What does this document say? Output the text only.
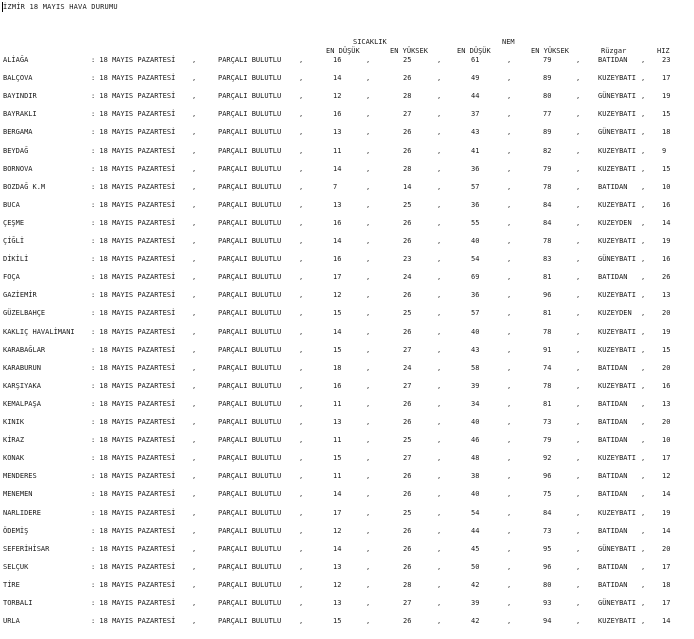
İZMİR 18 MAYIS HAVA DURUMU
SICAKLIK	NEM
EN DÜŞÜK	EN YÜKSEK	EN DÜŞÜK	EN YÜKSEK	Rüzgar	HIZ
ALİAĞA	: 18 MAYIS PAZARTESİ ,	PARÇALI BULUTLU	,	16	,	25	,	61	,	79	,	BATIDAN , 23
BALÇOVA	: 18 MAYIS PAZARTESİ ,	PARÇALI BULUTLU	,	14	,	26	,	49	,	89	,	KUZEYBATI , 17
BAYINDIR	: 18 MAYIS PAZARTESİ ,	PARÇALI BULUTLU	,	12	,	28	,	44	,	80	,	GÜNEYBATI , 19
BAYRAKLI	: 18 MAYIS PAZARTESİ ,	PARÇALI BULUTLU	,	16	,	27	,	37	,	77	,	KUZEYBATI , 15
BERGAMA	: 18 MAYIS PAZARTESİ ,	PARÇALI BULUTLU	,	13	,	26	,	43	,	89	,	GÜNEYBATI , 18
BEYDAĞ	: 18 MAYIS PAZARTESİ ,	PARÇALI BULUTLU	,	11	,	26	,	41	,	82	,	KUZEYBATI , 9
BORNOVA	: 18 MAYIS PAZARTESİ ,	PARÇALI BULUTLU	,	14	,	28	,	36	,	79	,	KUZEYBATI , 15
BOZDAĞ K.M	: 18 MAYIS PAZARTESİ ,	PARÇALI BULUTLU	,	7	,	14	,	57	,	78	,	BATIDAN , 10
BUCA	: 18 MAYIS PAZARTESİ ,	PARÇALI BULUTLU	,	13	,	25	,	36	,	84	,	KUZEYBATI , 16
ÇEŞME	: 18 MAYIS PAZARTESİ ,	PARÇALI BULUTLU	,	16	,	26	,	55	,	84	,	KUZEYDEN , 14
ÇİĞLİ	: 18 MAYIS PAZARTESİ ,	PARÇALI BULUTLU	,	14	,	26	,	40	,	78	,	KUZEYBATI , 19
DİKİLİ	: 18 MAYIS PAZARTESİ ,	PARÇALI BULUTLU	,	16	,	23	,	54	,	83	,	GÜNEYBATI , 16
FOÇA	: 18 MAYIS PAZARTESİ ,	PARÇALI BULUTLU	,	17	,	24	,	69	,	81	,	BATIDAN , 26
GAZİEMİR	: 18 MAYIS PAZARTESİ ,	PARÇALI BULUTLU	,	12	,	26	,	36	,	96	,	KUZEYBATI , 13
GÜZELBAHÇE	: 18 MAYIS PAZARTESİ ,	PARÇALI BULUTLU	,	15	,	25	,	57	,	81	,	KUZEYDEN , 20
KAKLIÇ HAVALİMANI : 18 MAYIS PAZARTESİ ,	PARÇALI BULUTLU	,	14	,	26	,	40	,	78	,	KUZEYBATI , 19
KARABAĞLAR	: 18 MAYIS PAZARTESİ ,	PARÇALI BULUTLU	,	15	,	27	,	43	,	91	,	KUZEYBATI , 15
KARABURUN	: 18 MAYIS PAZARTESİ ,	PARÇALI BULUTLU	,	18	,	24	,	58	,	74	,	BATIDAN , 20
KARŞIYAKA	: 18 MAYIS PAZARTESİ ,	PARÇALI BULUTLU	,	16	,	27	,	39	,	78	,	KUZEYBATI , 16
KEMALPAŞA	: 18 MAYIS PAZARTESİ ,	PARÇALI BULUTLU	,	11	,	26	,	34	,	81	,	BATIDAN , 13
KINIK	: 18 MAYIS PAZARTESİ ,	PARÇALI BULUTLU	,	13	,	26	,	40	,	73	,	BATIDAN , 20
KİRAZ	: 18 MAYIS PAZARTESİ ,	PARÇALI BULUTLU	,	11	,	25	,	46	,	79	,	BATIDAN , 10
KONAK	: 18 MAYIS PAZARTESİ ,	PARÇALI BULUTLU	,	15	,	27	,	48	,	92	,	KUZEYBATI , 17
MENDERES	: 18 MAYIS PAZARTESİ ,	PARÇALI BULUTLU	,	11	,	26	,	38	,	96	,	BATIDAN , 12
MENEMEN	: 18 MAYIS PAZARTESİ ,	PARÇALI BULUTLU	,	14	,	26	,	40	,	75	,	BATIDAN , 14
NARLIDERE	: 18 MAYIS PAZARTESİ ,	PARÇALI BULUTLU	,	17	,	25	,	54	,	84	,	KUZEYBATI , 19
ÖDEMİŞ	: 18 MAYIS PAZARTESİ ,	PARÇALI BULUTLU	,	12	,	26	,	44	,	73	,	BATIDAN , 14
SEFERİHİSAR	: 18 MAYIS PAZARTESİ ,	PARÇALI BULUTLU	,	14	,	26	,	45	,	95	,	GÜNEYBATI , 20
SELÇUK	: 18 MAYIS PAZARTESİ ,	PARÇALI BULUTLU	,	13	,	26	,	50	,	96	,	BATIDAN , 17
TİRE	: 18 MAYIS PAZARTESİ ,	PARÇALI BULUTLU	,	12	,	28	,	42	,	80	,	BATIDAN , 18
TORBALI	: 18 MAYIS PAZARTESİ ,	PARÇALI BULUTLU	,	13	,	27	,	39	,	93	,	GÜNEYBATI , 17
URLA	: 18 MAYIS PAZARTESİ ,	PARÇALI BULUTLU	,	15	,	26	,	42	,	94	,	KUZEYBATI , 14
